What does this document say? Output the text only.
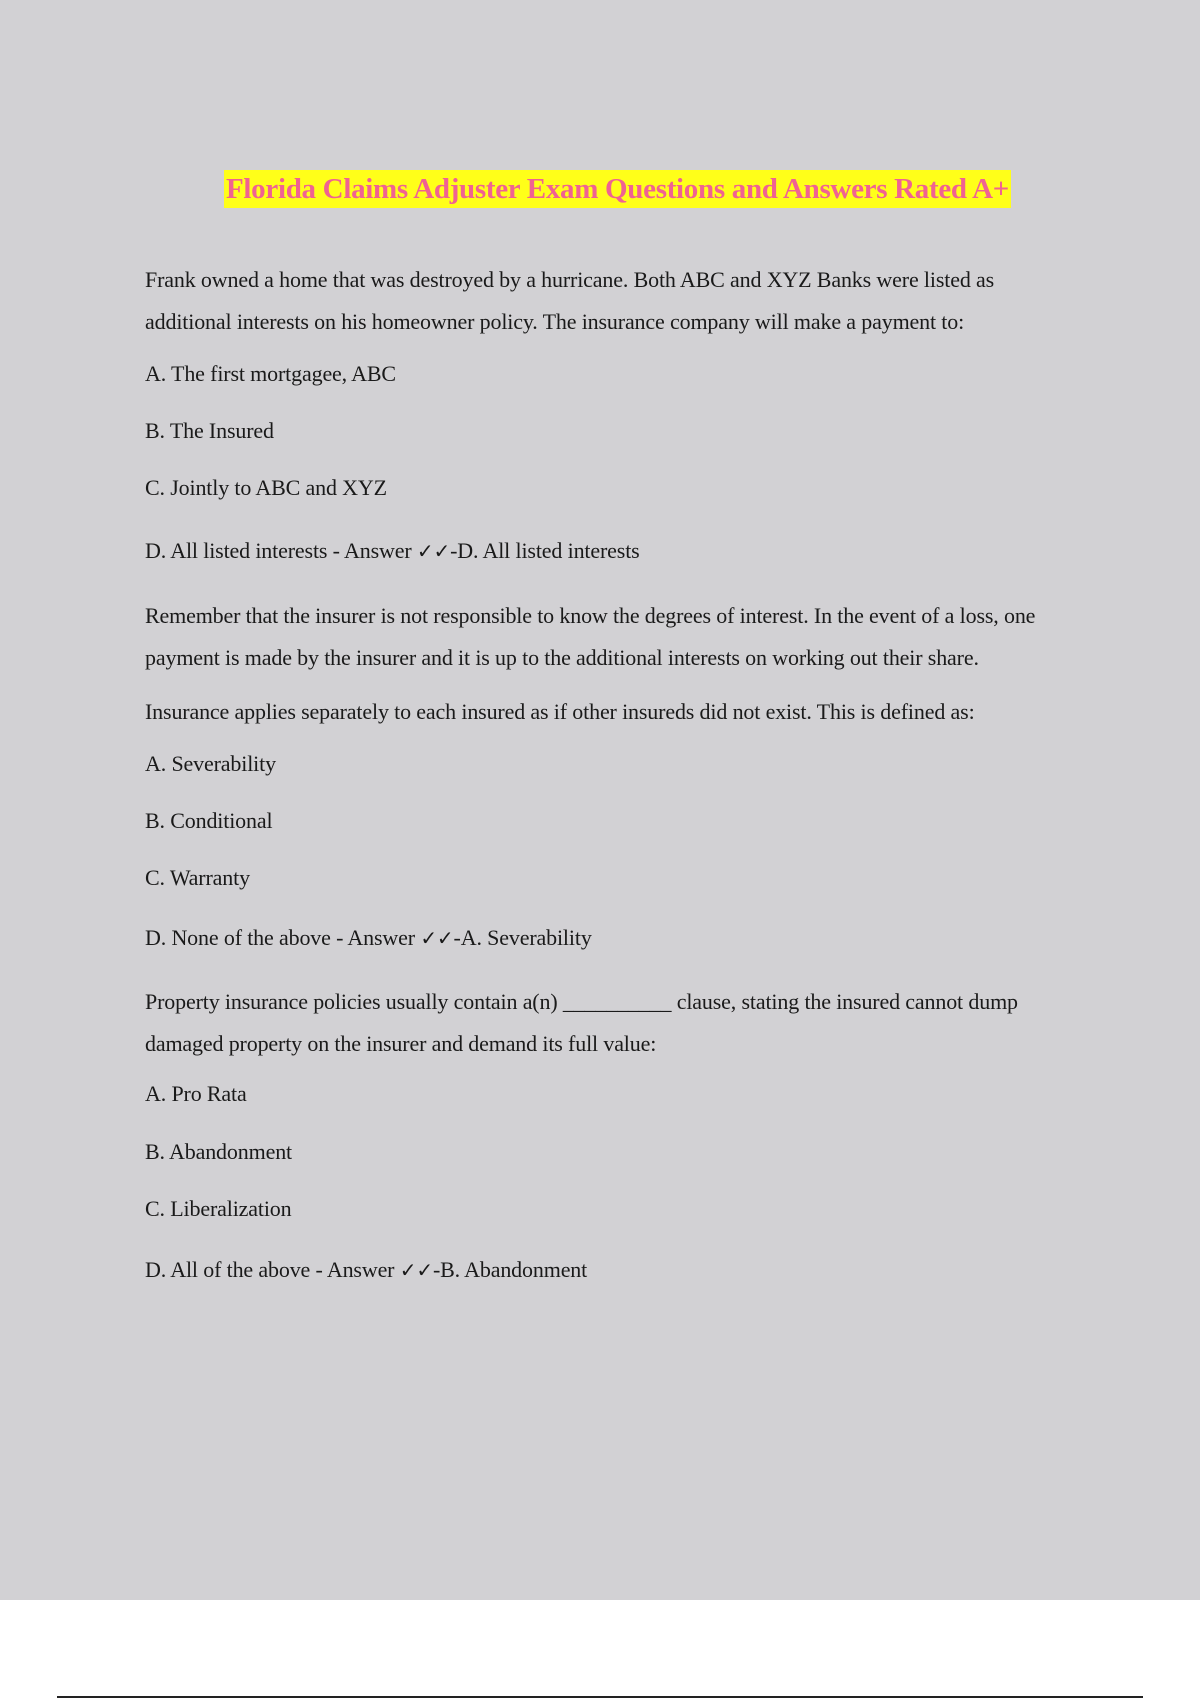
Florida Claims Adjuster Exam Questions and Answers Rated A+

Frank owned a home that was destroyed by a hurricane. Both ABC and XYZ Banks were listed as additional interests on his homeowner policy. The insurance company will make a payment to:

A. The first mortgagee, ABC

B. The Insured

C. Jointly to ABC and XYZ

D. All listed interests - Answer ✓✓-D. All listed interests

Remember that the insurer is not responsible to know the degrees of interest. In the event of a loss, one payment is made by the insurer and it is up to the additional interests on working out their share.

Insurance applies separately to each insured as if other insureds did not exist. This is defined as:

A. Severability

B. Conditional

C. Warranty

D. None of the above - Answer ✓✓-A. Severability

Property insurance policies usually contain a(n) __________ clause, stating the insured cannot dump damaged property on the insurer and demand its full value:

A. Pro Rata

B. Abandonment

C. Liberalization

D. All of the above - Answer ✓✓-B. Abandonment
